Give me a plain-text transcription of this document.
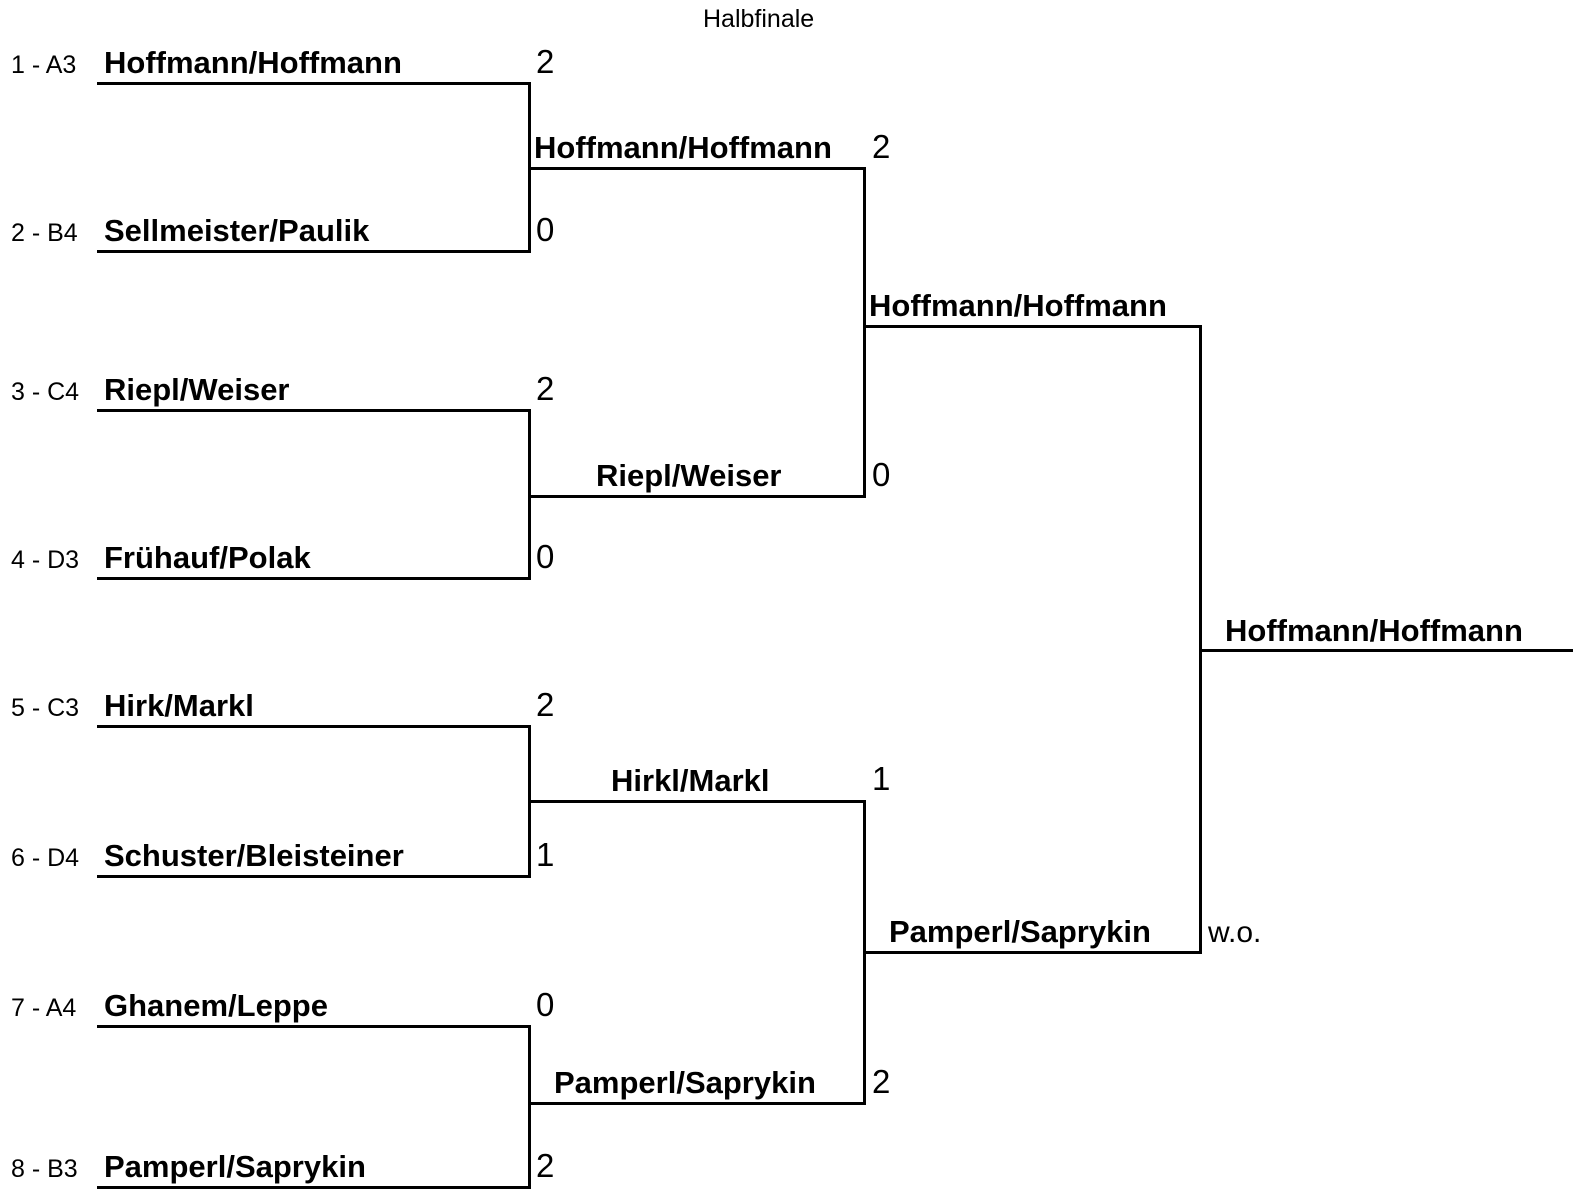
Halbfinale
1 - A3
2 - B4
3 - C4
4 - D3
5 - C3
6 - D4
7 - A4
8 - B3
Hoffmann/Hoffmann
Sellmeister/Paulik
Riepl/Weiser
Frühauf/Polak
Hirk/Markl
Schuster/Bleisteiner
Ghanem/Leppe
Pamperl/Saprykin
2
0
2
0
2
1
0
2
Hoffmann/Hoffmann
Riepl/Weiser
Hirkl/Markl
Pamperl/Saprykin
2
0
1
2
Hoffmann/Hoffmann
Pamperl/Saprykin w.o.
Hoffmann/Hoffmann
